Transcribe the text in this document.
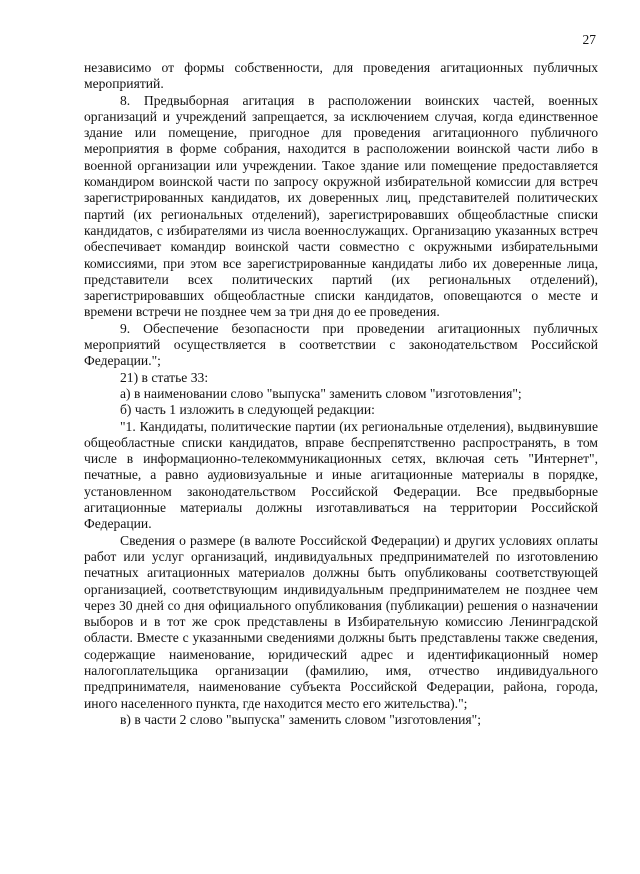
27

независимо от формы собственности, для проведения агитационных публичных мероприятий.

8. Предвыборная агитация в расположении воинских частей, военных организаций и учреждений запрещается, за исключением случая, когда единственное здание или помещение, пригодное для проведения агитационного публичного мероприятия в форме собрания, находится в расположении воинской части либо в военной организации или учреждении. Такое здание или помещение предоставляется командиром воинской части по запросу окружной избирательной комиссии для встреч зарегистрированных кандидатов, их доверенных лиц, представителей политических партий (их региональных отделений), зарегистрировавших общеобластные списки кандидатов, с избирателями из числа военнослужащих. Организацию указанных встреч обеспечивает командир воинской части совместно с окружными избирательными комиссиями, при этом все зарегистрированные кандидаты либо их доверенные лица, представители всех политических партий (их региональных отделений), зарегистрировавших общеобластные списки кандидатов, оповещаются о месте и времени встречи не позднее чем за три дня до ее проведения.

9. Обеспечение безопасности при проведении агитационных публичных мероприятий осуществляется в соответствии с законодательством Российской Федерации.";

21) в статье 33:

а) в наименовании слово "выпуска" заменить словом "изготовления";

б) часть 1 изложить в следующей редакции:

"1. Кандидаты, политические партии (их региональные отделения), выдвинувшие общеобластные списки кандидатов, вправе беспрепятственно распространять, в том числе в информационно-телекоммуникационных сетях, включая сеть "Интернет", печатные, а равно аудиовизуальные и иные агитационные материалы в порядке, установленном законодательством Российской Федерации. Все предвыборные агитационные материалы должны изготавливаться на территории Российской Федерации.

Сведения о размере (в валюте Российской Федерации) и других условиях оплаты работ или услуг организаций, индивидуальных предпринимателей по изготовлению печатных агитационных материалов должны быть опубликованы соответствующей организацией, соответствующим индивидуальным предпринимателем не позднее чем через 30 дней со дня официального опубликования (публикации) решения о назначении выборов и в тот же срок представлены в Избирательную комиссию Ленинградской области. Вместе с указанными сведениями должны быть представлены также сведения, содержащие наименование, юридический адрес и идентификационный номер налогоплательщика организации (фамилию, имя, отчество индивидуального предпринимателя, наименование субъекта Российской Федерации, района, города, иного населенного пункта, где находится место его жительства).";

в) в части 2 слово "выпуска" заменить словом "изготовления";
